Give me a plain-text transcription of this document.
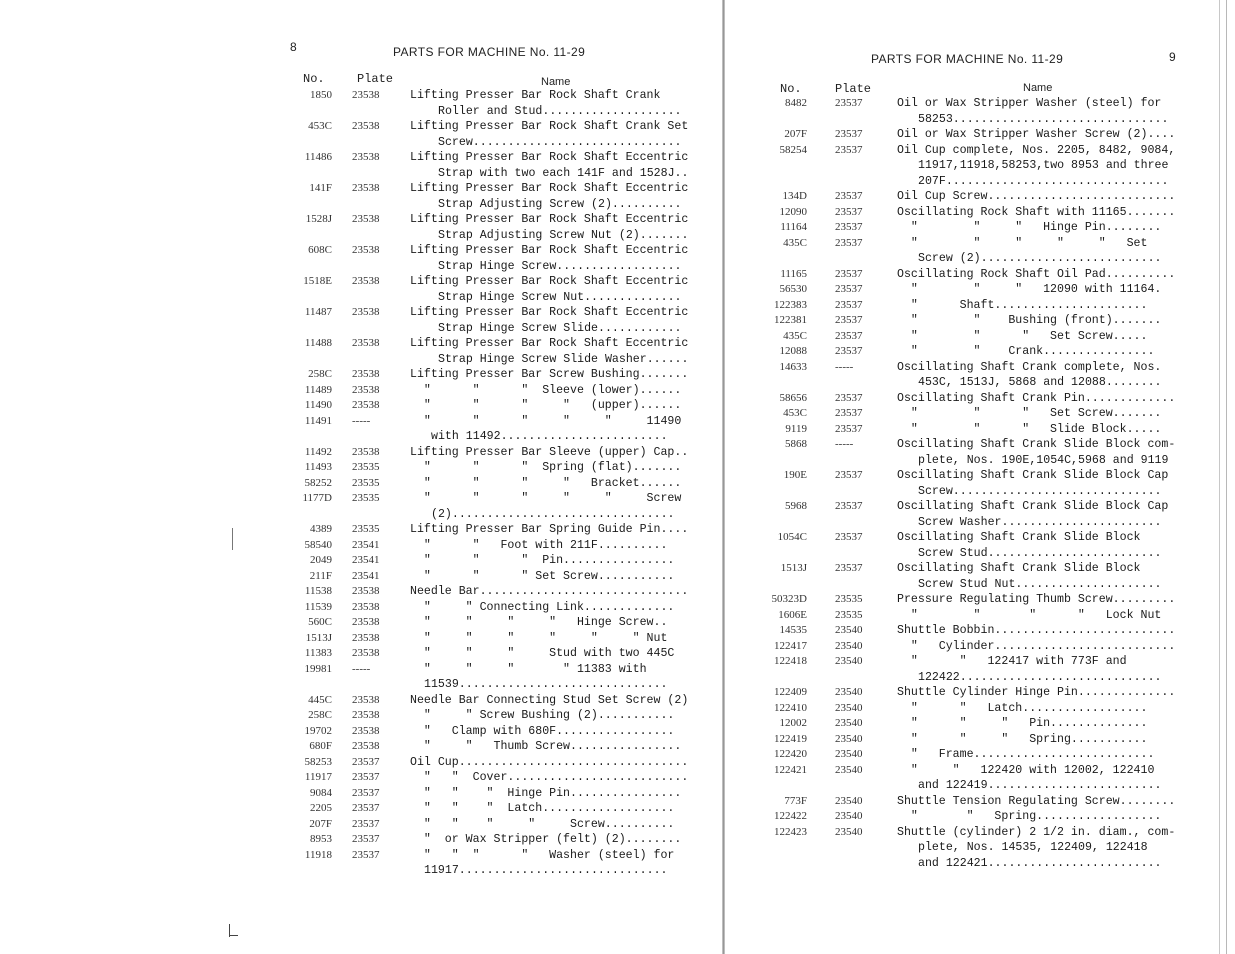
8	PARTS FOR MACHINE No. 11-29
No.	Plate	Name
1850 23538	Lifting Presser Bar Rock Shaft Crank
Roller and Stud....................
453C 23538	Lifting Presser Bar Rock Shaft Crank Set
Screw..............................
11486 23538	Lifting Presser Bar Rock Shaft Eccentric
Strap with two each 141F and 1528J..
141F 23538	Lifting Presser Bar Rock Shaft Eccentric
Strap Adjusting Screw (2)..........
1528J 23538	Lifting Presser Bar Rock Shaft Eccentric
Strap Adjusting Screw Nut (2).......
608C 23538	Lifting Presser Bar Rock Shaft Eccentric
Strap Hinge Screw..................
1518E 23538	Lifting Presser Bar Rock Shaft Eccentric
Strap Hinge Screw Nut..............
11487 23538	Lifting Presser Bar Rock Shaft Eccentric
Strap Hinge Screw Slide............
11488 23538	Lifting Presser Bar Rock Shaft Eccentric
Strap Hinge Screw Slide Washer......
258C 23538	Lifting Presser Bar Screw Bushing.......
11489 23538	"      "      "  Sleeve (lower)......
11490 23538	"      "      "     "   (upper)......
11491 -----	"      "      "     "     "     11490
with 11492........................
11492 23538	Lifting Presser Bar Sleeve (upper) Cap..
11493 23535	"      "      "  Spring (flat).......
58252 23535	"      "      "     "   Bracket......
1177D 23535	"      "      "     "     "     Screw
(2)................................
4389 23535	Lifting Presser Bar Spring Guide Pin....
58540 23541	"      "   Foot with 211F..........
2049 23541	"      "      "  Pin................
211F 23541	"      "      " Set Screw...........
11538 23538	Needle Bar..............................
11539 23538	"     " Connecting Link.............
560C 23538	"     "     "     "   Hinge Screw..
1513J 23538	"     "     "     "     "     " Nut
11383 23538	"     "     "     Stud with two 445C
19981 -----	"     "     "       " 11383 with
11539..............................
445C 23538	Needle Bar Connecting Stud Set Screw (2)
258C 23538	"     " Screw Bushing (2)...........
19702 23538	"   Clamp with 680F.................
680F 23538	"     "   Thumb Screw................
58253 23537	Oil Cup.................................
11917 23537	"   "  Cover..........................
9084 23537	"   "    "  Hinge Pin................
2205 23537	"   "    "  Latch...................
207F 23537	"   "    "     "     Screw..........
8953 23537	"  or Wax Stripper (felt) (2)........
11918 23537	"   "  "      "   Washer (steel) for
11917..............................
PARTS FOR MACHINE No. 11-29	9
No.	Plate	Name
8482	23537	Oil or Wax Stripper Washer (steel) for
58253...............................
207F	23537	Oil or Wax Stripper Washer Screw (2)....
58254	23537	Oil Cup complete, Nos. 2205, 8482, 9084,
11917,11918,58253,two 8953 and three
207F................................
134D	23537	Oil Cup Screw...........................
12090	23537	Oscillating Rock Shaft with 11165.......
11164	23537	"        "     "   Hinge Pin........
435C	23537	"        "     "     "     "   Set
Screw (2)..........................
11165	23537	Oscillating Rock Shaft Oil Pad..........
56530	23537	"        "     "   12090 with 11164.
122383	23537	"      Shaft......................
122381	23537	"        "    Bushing (front).......
435C	23537	"        "      "   Set Screw.....
12088	23537	"        "    Crank................
14633	-----	Oscillating Shaft Crank complete, Nos.
453C, 1513J, 5868 and 12088........
58656	23537	Oscillating Shaft Crank Pin.............
453C	23537	"        "      "   Set Screw.......
9119	23537	"        "      "   Slide Block.....
5868	-----	Oscillating Shaft Crank Slide Block com-
plete, Nos. 190E,1054C,5968 and 9119
190E	23537	Oscillating Shaft Crank Slide Block Cap
Screw..............................
5968	23537	Oscillating Shaft Crank Slide Block Cap
Screw Washer.......................
1054C	23537	Oscillating Shaft Crank Slide Block
Screw Stud.........................
1513J	23537	Oscillating Shaft Crank Slide Block
Screw Stud Nut.....................
50323D	23535	Pressure Regulating Thumb Screw.........
1606E	23535	"        "       "      "   Lock Nut
14535	23540	Shuttle Bobbin..........................
122417	23540	"   Cylinder..........................
122418	23540	"      "   122417 with 773F and
122422.............................
122409	23540	Shuttle Cylinder Hinge Pin..............
122410	23540	"      "   Latch..................
12002	23540	"      "     "   Pin..............
122419	23540	"      "     "   Spring...........
122420	23540	"   Frame..........................
122421	23540	"     "   122420 with 12002, 122410
and 122419.........................
773F	23540	Shuttle Tension Regulating Screw........
122422	23540	"       "   Spring..................
122423	23540	Shuttle (cylinder) 2 1/2 in. diam., com-
plete, Nos. 14535, 122409, 122418
and 122421.........................
